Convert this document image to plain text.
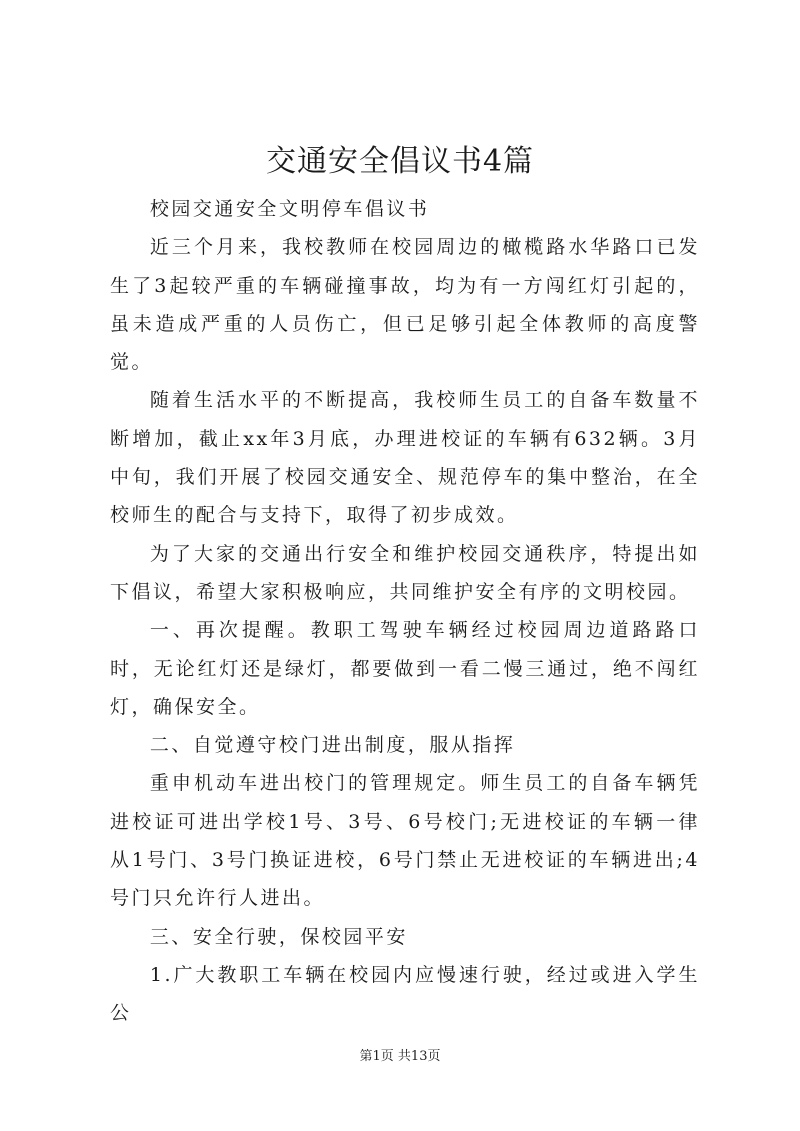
交通安全倡议书4篇

校园交通安全文明停车倡议书

近三个月来，我校教师在校园周边的橄榄路水华路口已发生了3起较严重的车辆碰撞事故，均为有一方闯红灯引起的，虽未造成严重的人员伤亡，但已足够引起全体教师的高度警觉。

随着生活水平的不断提高，我校师生员工的自备车数量不断增加，截止xx年3月底，办理进校证的车辆有632辆。3月中旬，我们开展了校园交通安全、规范停车的集中整治，在全校师生的配合与支持下，取得了初步成效。

为了大家的交通出行安全和维护校园交通秩序，特提出如下倡议，希望大家积极响应，共同维护安全有序的文明校园。

一、再次提醒。教职工驾驶车辆经过校园周边道路路口时，无论红灯还是绿灯，都要做到一看二慢三通过，绝不闯红灯，确保安全。

二、自觉遵守校门进出制度，服从指挥

重申机动车进出校门的管理规定。师生员工的自备车辆凭进校证可进出学校1号、3号、6号校门;无进校证的车辆一律从1号门、3号门换证进校，6号门禁止无进校证的车辆进出;4号门只允许行人进出。

三、安全行驶，保校园平安

1.广大教职工车辆在校园内应慢速行驶，经过或进入学生公

第1页 共13页
